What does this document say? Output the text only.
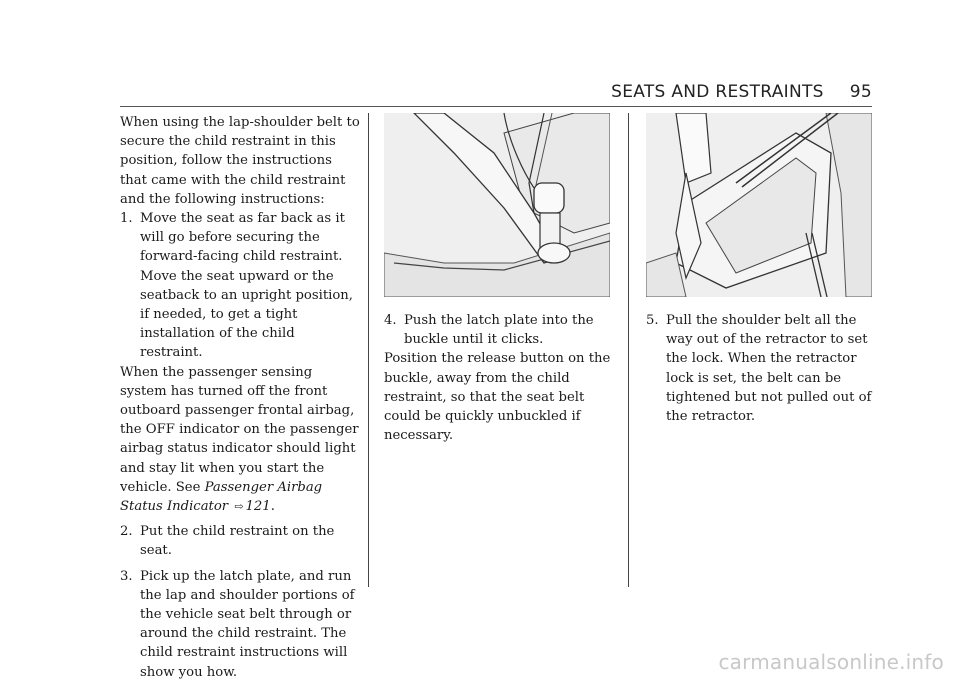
SEATS AND RESTRAINTS 95

When using the lap-shoulder belt to secure the child restraint in this position, follow the instructions that came with the child restraint and the following instructions:

1. Move the seat as far back as it will go before securing the forward-facing child restraint. Move the seat upward or the seatback to an upright position, if needed, to get a tight installation of the child restraint.

When the passenger sensing system has turned off the front outboard passenger frontal airbag, the OFF indicator on the passenger airbag status indicator should light and stay lit when you start the vehicle. See Passenger Airbag Status Indicator ⇨ 121.

2. Put the child restraint on the seat.
3. Pick up the latch plate, and run the lap and shoulder portions of the vehicle seat belt through or around the child restraint. The child restraint instructions will show you how.
4. Push the latch plate into the buckle until it clicks.

Position the release button on the buckle, away from the child restraint, so that the seat belt could be quickly unbuckled if necessary.

5. Pull the shoulder belt all the way out of the retractor to set the lock. When the retractor lock is set, the belt can be tightened but not pulled out of the retractor.
carmanualsonline.info
